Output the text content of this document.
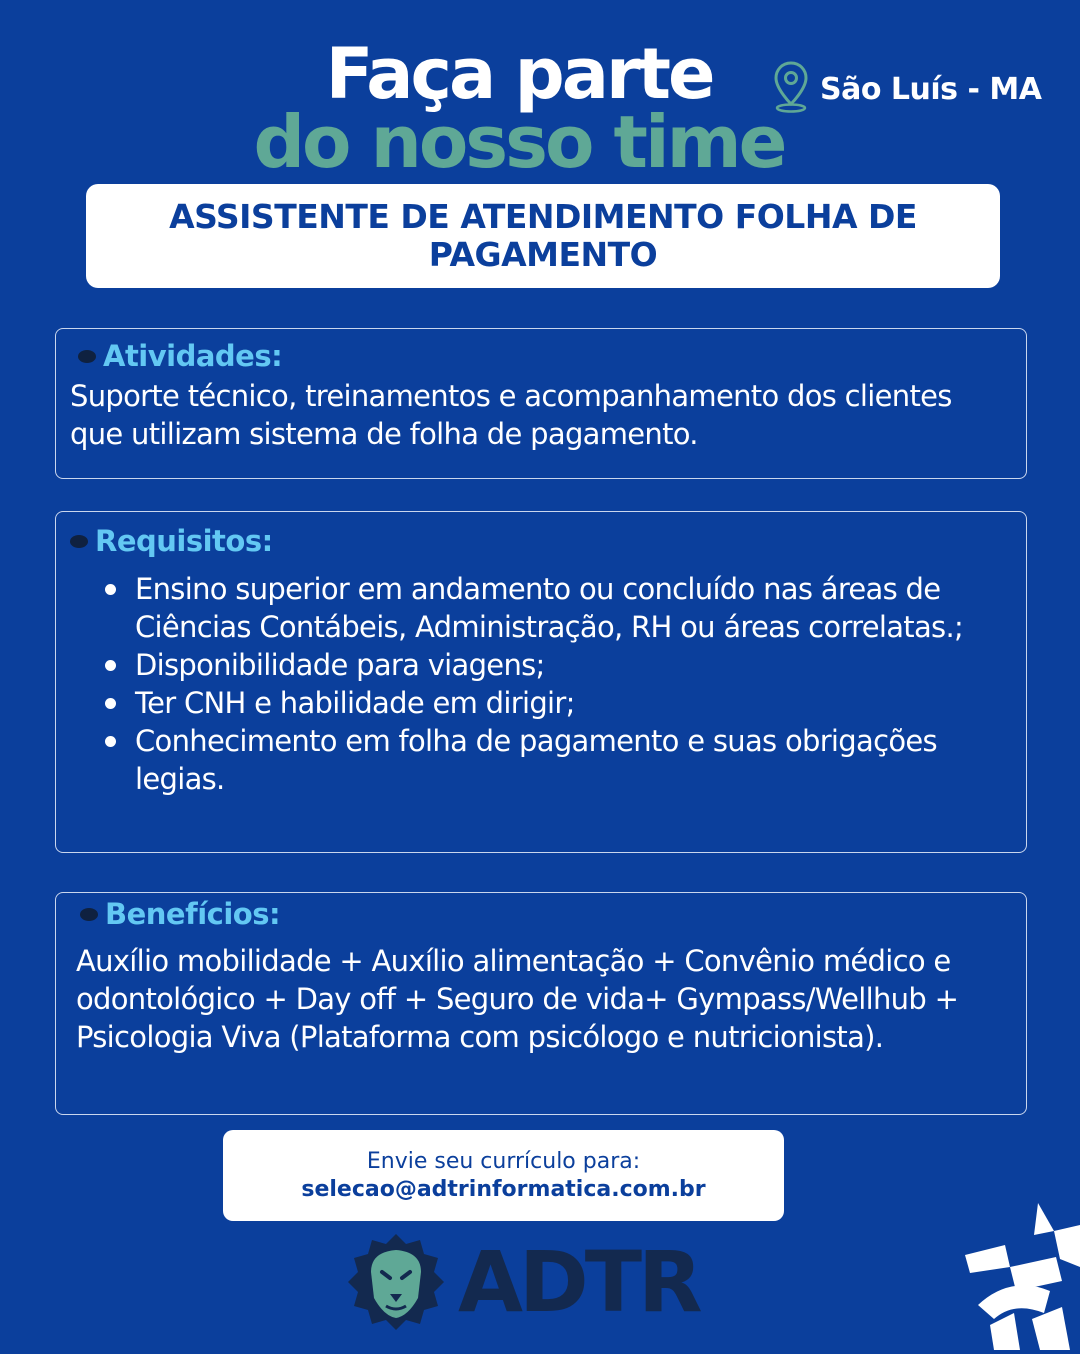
Faça parte
do nosso time
São Luís - MA
ASSISTENTE DE ATENDIMENTO FOLHA DE PAGAMENTO
Atividades:
Suporte técnico, treinamentos e acompanhamento dos clientes que utilizam sistema de folha de pagamento.
Requisitos:
Ensino superior em andamento ou concluído nas áreas de Ciências Contábeis, Administração, RH ou áreas correlatas.;
Disponibilidade para viagens;
Ter CNH e habilidade em dirigir;
Conhecimento em folha de pagamento e suas obrigações legias.
Benefícios:
Auxílio mobilidade + Auxílio alimentação + Convênio médico e odontológico + Day off + Seguro de vida+ Gympass/Wellhub + Psicologia Viva (Plataforma com psicólogo e nutricionista).
Envie seu currículo para:
selecao@adtrinformatica.com.br
ADTR
